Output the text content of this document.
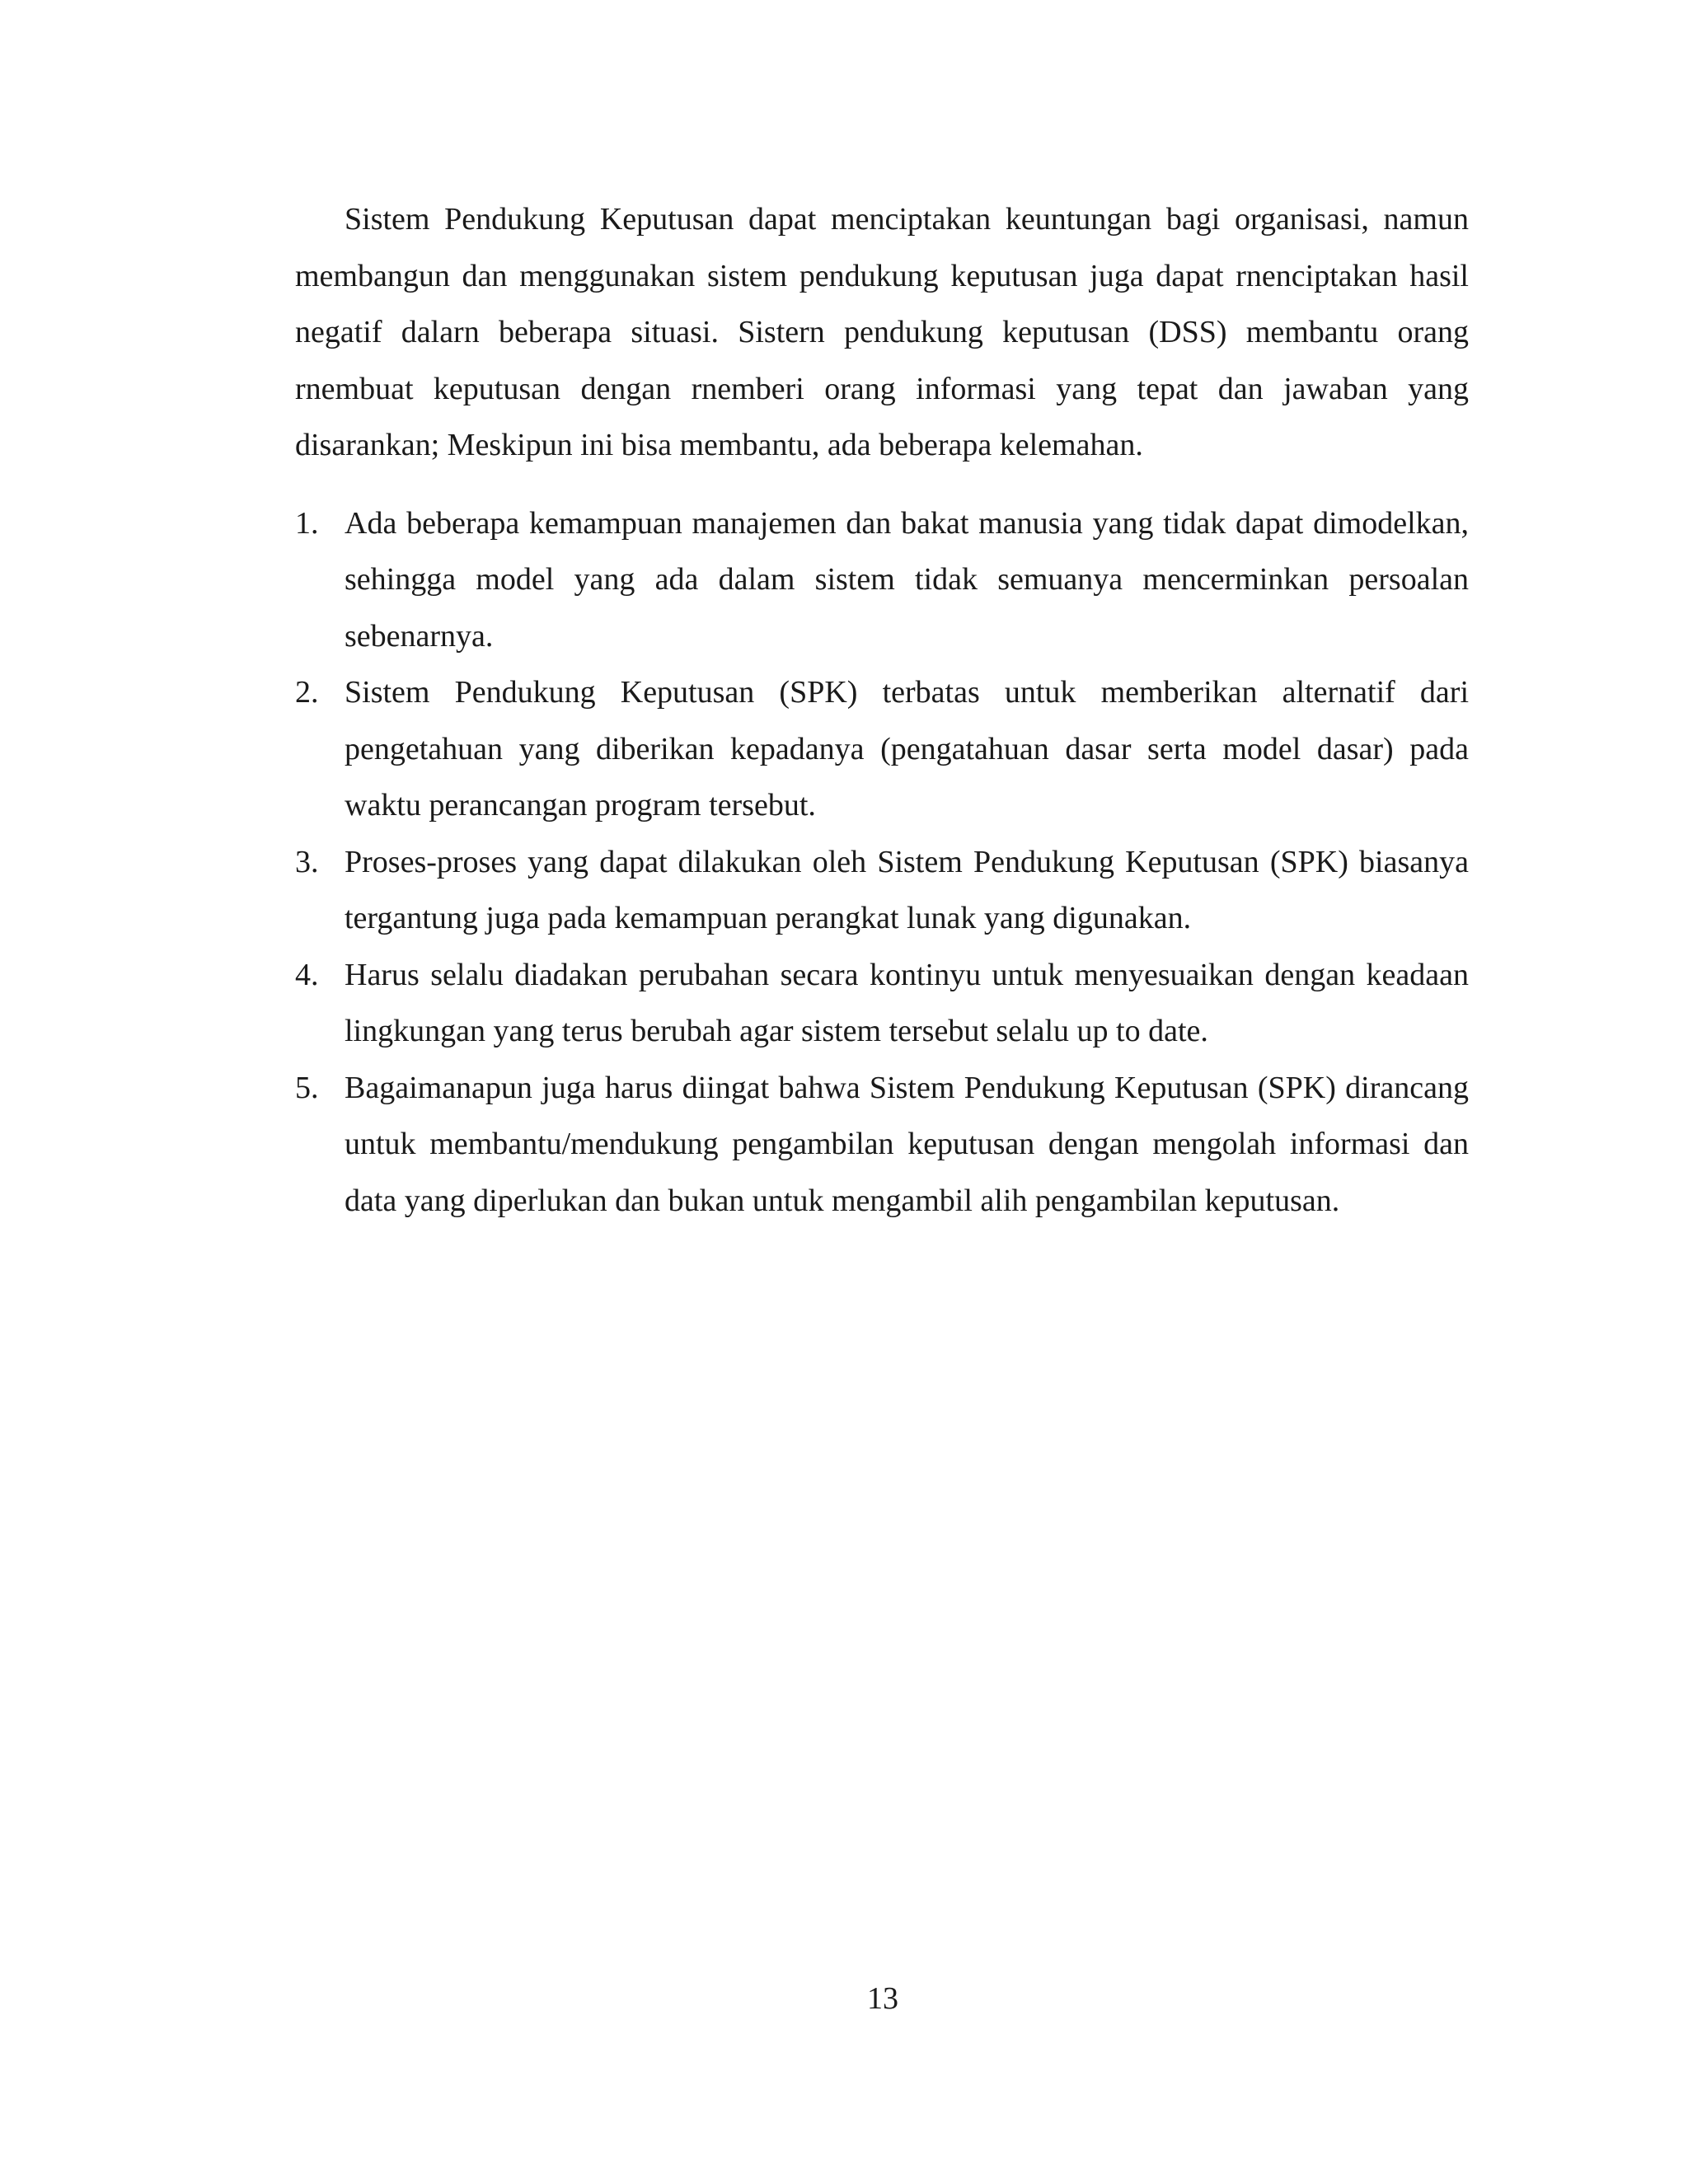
Sistem Pendukung Keputusan dapat menciptakan keuntungan bagi organisasi, namun membangun dan menggunakan sistem pendukung keputusan juga dapat rnenciptakan hasil negatif dalarn beberapa situasi. Sistern pendukung keputusan (DSS) membantu orang rnembuat keputusan dengan rnemberi orang informasi yang tepat dan jawaban yang disarankan; Meskipun ini bisa membantu, ada beberapa kelemahan.

1. Ada beberapa kemampuan manajemen dan bakat manusia yang tidak dapat dimodelkan, sehingga model yang ada dalam sistem tidak semuanya mencerminkan persoalan sebenarnya.
2. Sistem Pendukung Keputusan (SPK) terbatas untuk memberikan alternatif dari pengetahuan yang diberikan kepadanya (pengatahuan dasar serta model dasar) pada waktu perancangan program tersebut.
3. Proses-proses yang dapat dilakukan oleh Sistem Pendukung Keputusan (SPK) biasanya tergantung juga pada kemampuan perangkat lunak yang digunakan.
4. Harus selalu diadakan perubahan secara kontinyu untuk menyesuaikan dengan keadaan lingkungan yang terus berubah agar sistem tersebut selalu up to date.
5. Bagaimanapun juga harus diingat bahwa Sistem Pendukung Keputusan (SPK) dirancang untuk membantu/mendukung pengambilan keputusan dengan mengolah informasi dan data yang diperlukan dan bukan untuk mengambil alih pengambilan keputusan.
13
